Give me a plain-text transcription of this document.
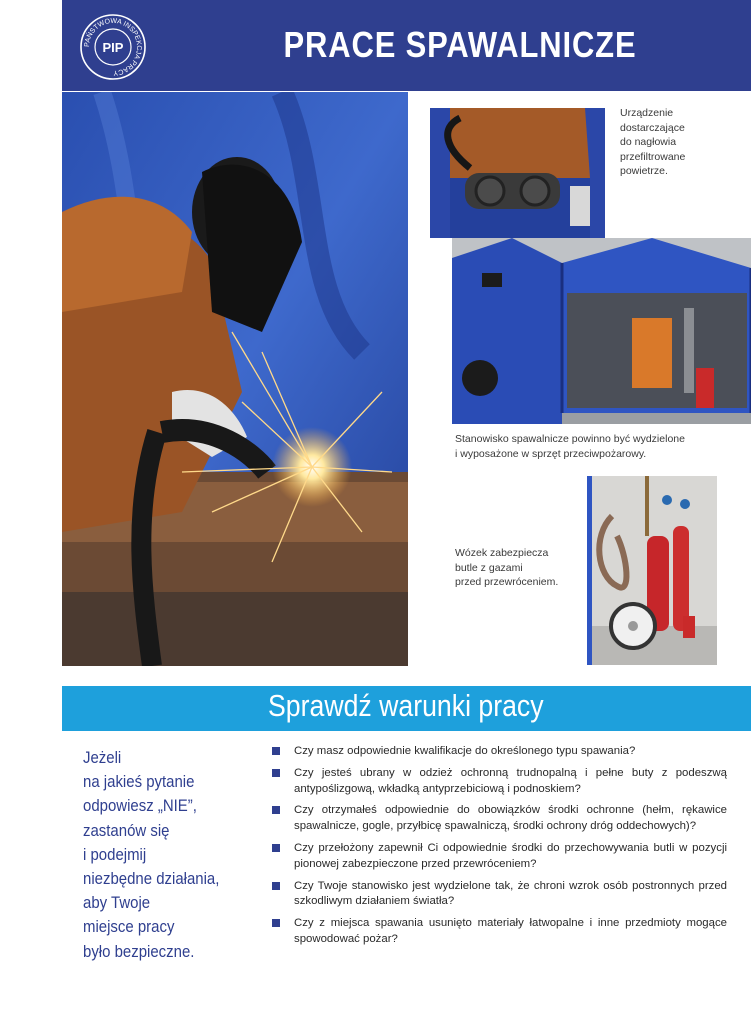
PAŃSTWOWA INSPEKCJA PRACY
PIP	PRACE SPAWALNICZE
Urządzenie
dostarczające
do nagłowia
przefiltrowane
powietrze.
Stanowisko spawalnicze powinno być wydzielone
i wyposażone w sprzęt przeciwpożarowy.
Wózek zabezpiecza
butle z gazami
przed przewróceniem.
Sprawdź warunki pracy
Jeżeli
na jakieś pytanie
odpowiesz „NIE”,
zastanów się
i podejmij
niezbędne działania,
aby Twoje
miejsce pracy
było bezpieczne.
Czy masz odpowiednie kwalifikacje do określonego typu spawania?
Czy jesteś ubrany w odzież ochronną trudnopalną i pełne buty z podeszwą antypoślizgową, wkładką antyprzebiciową i podnoskiem?
Czy otrzymałeś odpowiednie do obowiązków środki ochronne (hełm, rękawice spawalnicze, gogle, przyłbicę spawalniczą, środki ochrony dróg oddechowych)?
Czy przełożony zapewnił Ci odpowiednie środki do przechowywania butli w pozycji pionowej zabezpieczone przed przewróceniem?
Czy Twoje stanowisko jest wydzielone tak, że chroni wzrok osób postronnych przed szkodliwym działaniem światła?
Czy z miejsca spawania usunięto materiały łatwopalne i inne przedmioty mogące spowodować pożar?
